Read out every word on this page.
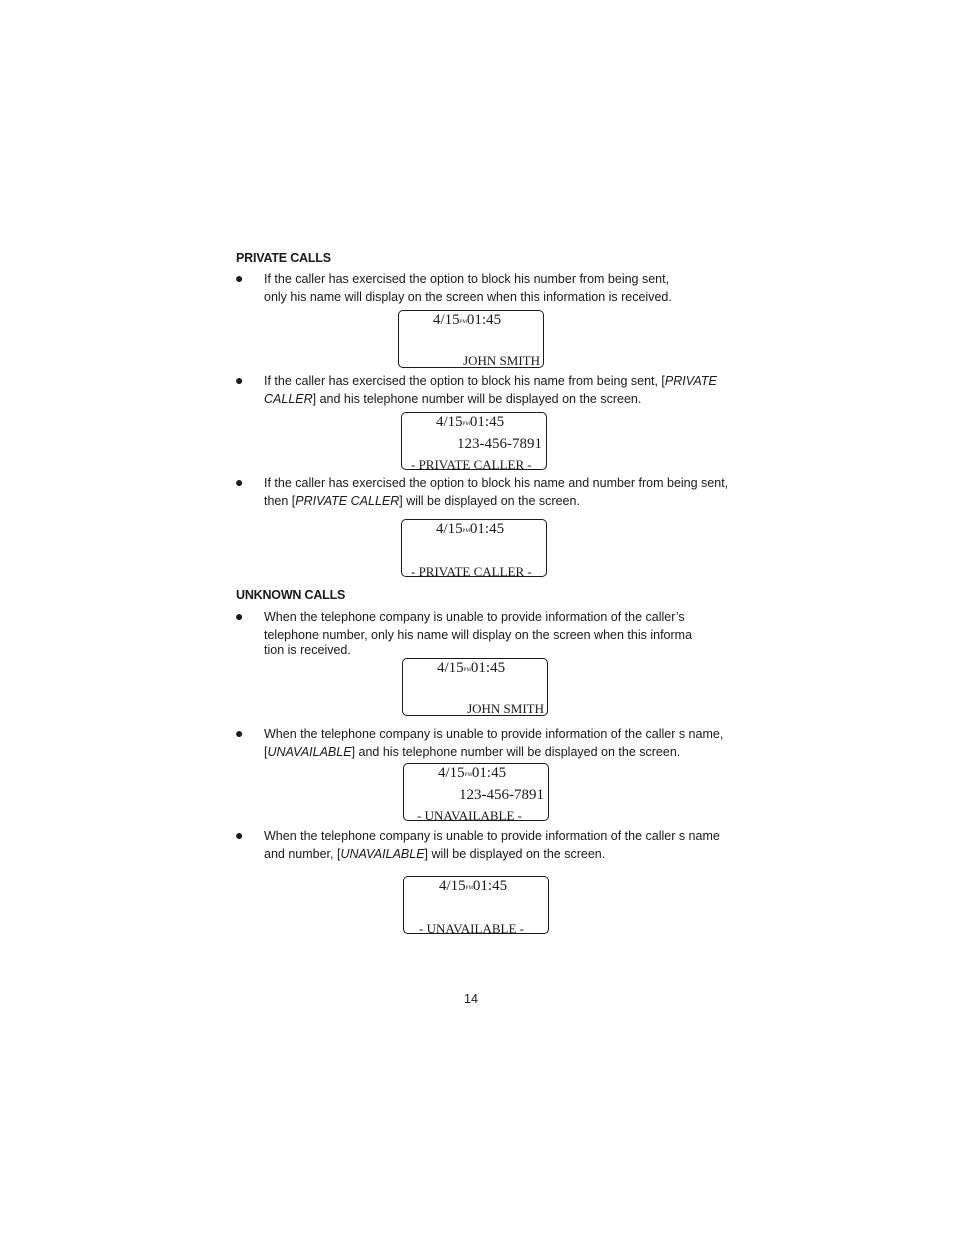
PRIVATE CALLS
● If the caller has exercised the option to block his number from being sent,
only his name will display on the screen when this information is received.
4/15PM01:45
JOHN SMITH
● If the caller has exercised the option to block his name from being sent, [PRIVATE
CALLER] and his telephone number will be displayed on the screen.
4/15PM01:45
123-456-7891
- PRIVATE CALLER -
● If the caller has exercised the option to block his name and number from being sent,
then [PRIVATE CALLER] will be displayed on the screen.
4/15PM01:45
- PRIVATE CALLER -
UNKNOWN CALLS
● When the telephone company is unable to provide information of the caller’s
telephone number, only his name will display on the screen when this informa
tion is received.
4/15PM01:45
JOHN SMITH
● When the telephone company is unable to provide information of the caller s name,
[UNAVAILABLE] and his telephone number will be displayed on the screen.
4/15PM01:45
123-456-7891
- UNAVAILABLE -
● When the telephone company is unable to provide information of the caller s name
and number, [UNAVAILABLE] will be displayed on the screen.
4/15PM01:45
- UNAVAILABLE -
14
